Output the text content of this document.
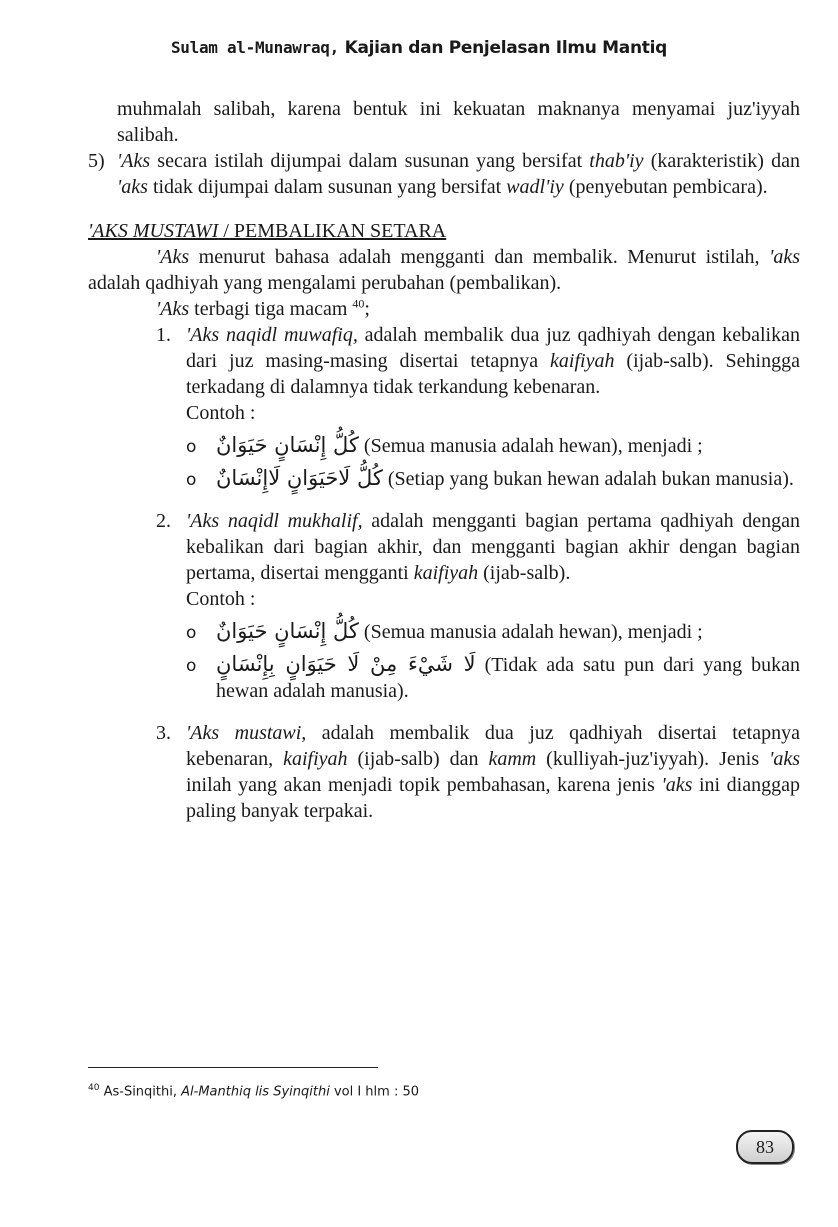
Sulam al-Munawraq, Kajian dan Penjelasan Ilmu Mantiq

muhmalah salibah, karena bentuk ini kekuatan maknanya menyamai juz'iyyah salibah.

5) 'Aks secara istilah dijumpai dalam susunan yang bersifat thab'iy (karakteristik) dan 'aks tidak dijumpai dalam susunan yang bersifat wadl'iy (penyebutan pembicara).

'AKS MUSTAWI / PEMBALIKAN SETARA

'Aks menurut bahasa adalah mengganti dan membalik. Menurut istilah, 'aks adalah qadhiyah yang mengalami perubahan (pembalikan).

'Aks terbagi tiga macam $^{40}$;

1. 'Aks naqidl muwafiq, adalah membalik dua juz qadhiyah dengan kebalikan dari juz masing-masing disertai tetapnya kaifiyah (ijab-salb). Sehingga terkadang di dalamnya tidak terkandung kebenaran.

Contoh :

o كُلُّ إِنْسَانٍ حَيَوَانٌ (Semua manusia adalah hewan), menjadi ;

o كُلُّ لَاحَيَوَانٍ لَاإِنْسَانٌ (Setiap yang bukan hewan adalah bukan manusia).

2. 'Aks naqidl mukhalif, adalah mengganti bagian pertama qadhiyah dengan kebalikan dari bagian akhir, dan mengganti bagian akhir dengan bagian pertama, disertai mengganti kaifiyah (ijab-salb).

Contoh :

o كُلُّ إِنْسَانٍ حَيَوَانٌ (Semua manusia adalah hewan), menjadi ;

o لَا شَيْءَ مِنْ لَا حَيَوَانٍ بِإِنْسَانٍ (Tidak ada satu pun dari yang bukan hewan adalah manusia).

3. 'Aks mustawi, adalah membalik dua juz qadhiyah disertai tetapnya kebenaran, kaifiyah (ijab-salb) dan kamm (kulliyah-juz'iyyah). Jenis 'aks inilah yang akan menjadi topik pembahasan, karena jenis 'aks ini dianggap paling banyak terpakai.

$^{40}$ As-Sinqithi, Al-Manthiq lis Syinqithi vol I hlm : 50
83
